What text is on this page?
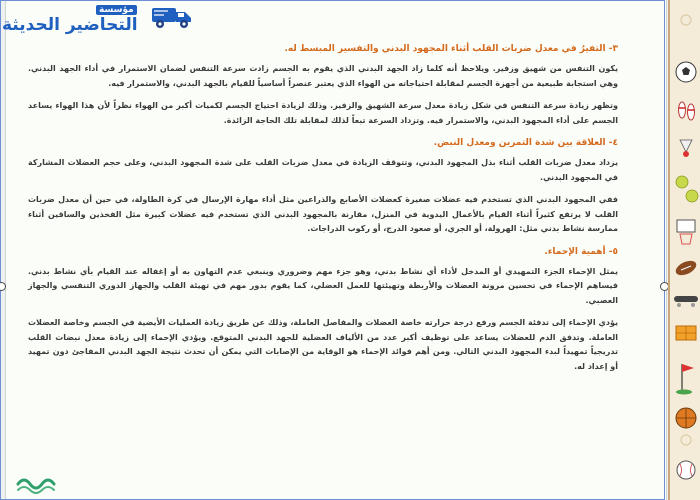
٣- التفيرُ في معدل ضربات القلب أثناء المجهود البدني والتفسير المبسط له.

يكون التنفس من شهيق وزفير. ويلاحظ أنه كلما زاد الجهد البدني الذي يقوم به الجسم زادت سرعة التنفس لضمان الاستمرار في أداء الجهد البدني. وهي استجابة طبيعية من أجهزة الجسم لمقابلة احتياجاته من الهواء الذي يعتبر عنصراً أساسياً للقيام بالجهد البدني، والاستمرار فيه.

وتظهر زيادة سرعة التنفس في شكل زيادة معدل سرعة الشهيق والزفير. وذلك لزيادة احتياج الجسم لكميات أكبر من الهواء نظراً لأن هذا الهواء يساعد الجسم على أداء المجهود البدني، والاستمرار فيه. وتزداد السرعة تبعاً لذلك لمقابلة تلك الحاجة الزائدة.

٤- العلاقة بين شدة التمرين ومعدل النبض.

يزداد معدل ضربات القلب أثناء بذل المجهود البدني، وتتوقف الزيادة في معدل ضربات القلب على شدة المجهود البدني، وعلى حجم العضلات المشاركة في المجهود البدني.

ففي المجهود البدني الذي تستخدم فيه عضلات صغيرة كعضلات الأصابع والذراعين مثل أداء مهارة الإرسال في كرة الطاولة، في حين أن معدل ضربات القلب لا يرتفع كثيراً أثناء القيام بالأعمال اليدوية في المنزل، مقارنة بالمجهود البدني الذي تستخدم فيه عضلات كبيرة مثل الفخذين والساقين أثناء ممارسة نشاط بدني مثل: الهرولة، أو الجري، أو صعود الدرج، أو ركوب الدراجات.

٥- أهمية الإحماء.

يمثل الإحماء الجزء التمهيدي أو المدخل لأداء أي نشاط بدني، وهو جزء مهم وضروري وينبغي عدم التهاون به أو إغفاله عند القيام بأي نشاط بدني. فيساهم الإحماء في تحسين مرونة العضلات والأربطة وتهيئتها للعمل العضلي، كما يقوم بدور مهم في تهيئة القلب والجهاز الدوري التنفسي والجهاز العصبي.

يؤدي الإحماء إلى تدفئة الجسم ورفع درجة حرارته خاصة العضلات والمفاصل العاملة، وذلك عن طريق زيادة العمليات الأيضية في الجسم وخاصة العضلات العاملة. وتدفق الدم للعضلات يساعد على توظيف أكبر عدد من الألياف العضلية للجهد البدني المتوقع. ويؤدي الإحماء إلى زيادة معدل نبضات القلب تدريجياً تمهيداً لبدء المجهود البدني التالي. ومن أهم فوائد الإحماء هو الوقاية من الإصابات التي يمكن أن تحدث نتيجة الجهد البدني المفاجئ دون تمهيد أو إعداد له.

مؤسسة
التحاضير الحديثة
